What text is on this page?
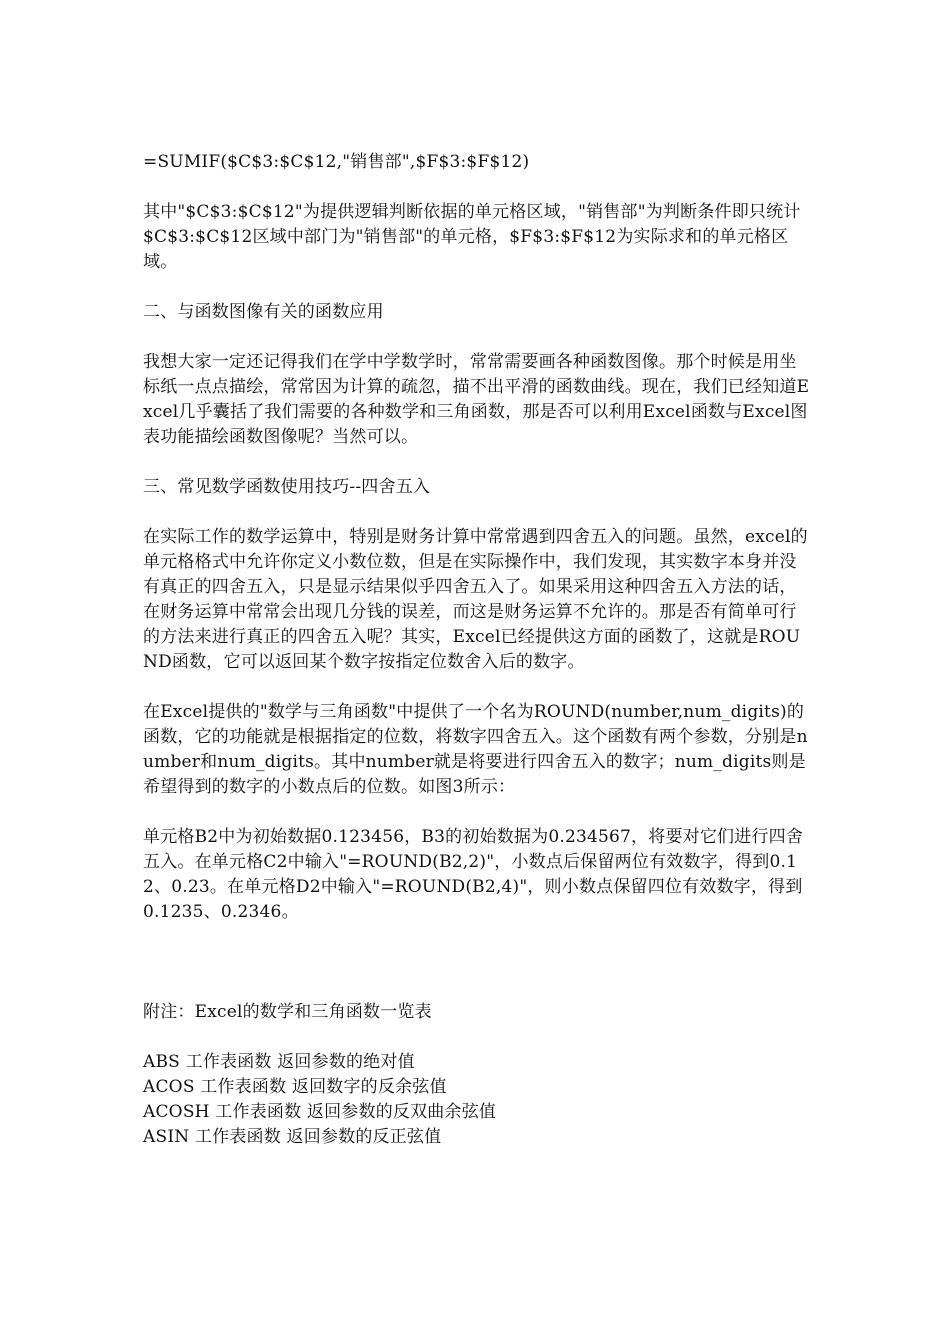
=SUMIF($C$3:$C$12,"销售部",$F$3:$F$12)

其中"$C$3:$C$12"为提供逻辑判断依据的单元格区域，"销售部"为判断条件即只统计$C$3:$C$12区域中部门为"销售部"的单元格，$F$3:$F$12为实际求和的单元格区域。

二、与函数图像有关的函数应用

我想大家一定还记得我们在学中学数学时，常常需要画各种函数图像。那个时候是用坐标纸一点点描绘，常常因为计算的疏忽，描不出平滑的函数曲线。现在，我们已经知道Excel几乎囊括了我们需要的各种数学和三角函数，那是否可以利用Excel函数与Excel图表功能描绘函数图像呢？当然可以。

三、常见数学函数使用技巧--四舍五入

在实际工作的数学运算中，特别是财务计算中常常遇到四舍五入的问题。虽然，excel的单元格格式中允许你定义小数位数，但是在实际操作中，我们发现，其实数字本身并没有真正的四舍五入，只是显示结果似乎四舍五入了。如果采用这种四舍五入方法的话，在财务运算中常常会出现几分钱的误差，而这是财务运算不允许的。那是否有简单可行的方法来进行真正的四舍五入呢？其实，Excel已经提供这方面的函数了，这就是ROUND函数，它可以返回某个数字按指定位数舍入后的数字。

在Excel提供的"数学与三角函数"中提供了一个名为ROUND(number,num_digits)的函数，它的功能就是根据指定的位数，将数字四舍五入。这个函数有两个参数，分别是number和num_digits。其中number就是将要进行四舍五入的数字；num_digits则是希望得到的数字的小数点后的位数。如图3所示：

单元格B2中为初始数据0.123456，B3的初始数据为0.234567，将要对它们进行四舍五入。在单元格C2中输入"=ROUND(B2,2)"，小数点后保留两位有效数字，得到0.12、0.23。在单元格D2中输入"=ROUND(B2,4)"，则小数点保留四位有效数字，得到0.1235、0.2346。

附注：Excel的数学和三角函数一览表

ABS 工作表函数 返回参数的绝对值
ACOS 工作表函数 返回数字的反余弦值
ACOSH 工作表函数 返回参数的反双曲余弦值
ASIN 工作表函数 返回参数的反正弦值
